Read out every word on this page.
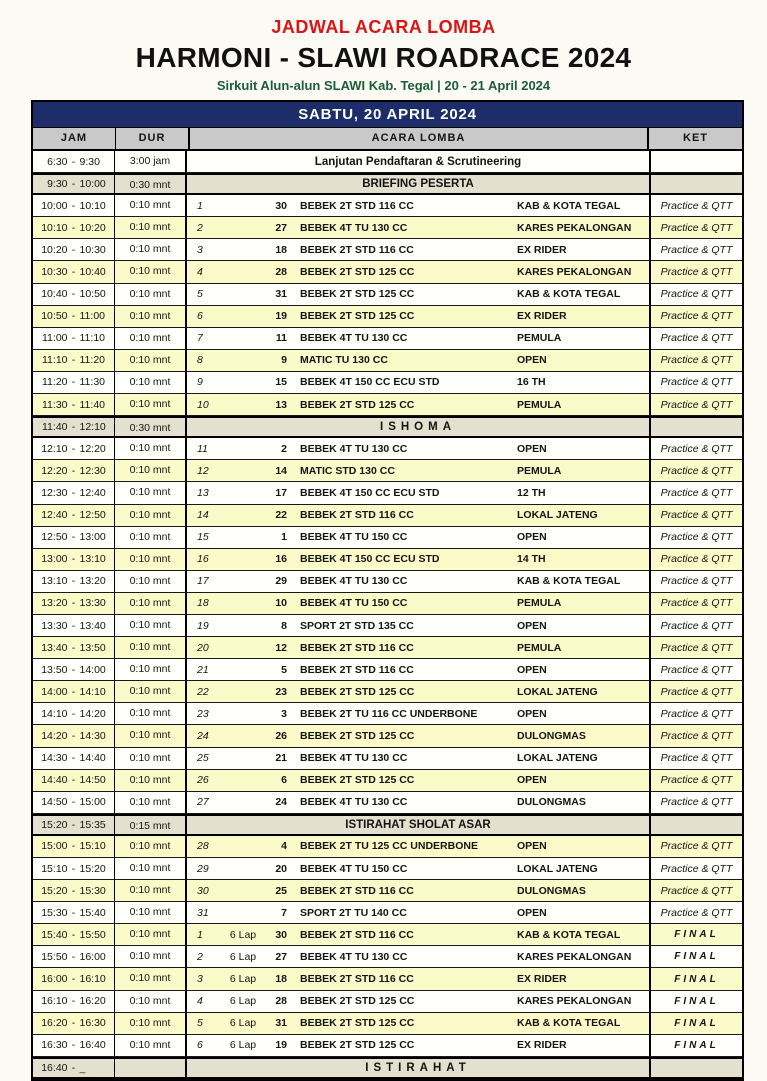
JADWAL ACARA LOMBA
HARMONI - SLAWI ROADRACE 2024
Sirkuit Alun-alun SLAWI Kab. Tegal | 20 - 21 April 2024
SABTU, 20 APRIL 2024
JAM	DUR	ACARA LOMBA	KET
6:30 - 9:30	3:00 jam	Lanjutan Pendaftaran & Scrutineering
9:30 - 10:00	0:30 mnt	BRIEFING PESERTA
10:00 - 10:10	0:10 mnt	1	30 BEBEK 2T STD 116 CC	KAB & KOTA TEGAL	Practice & QTT
10:10 - 10:20	0:10 mnt	2	27 BEBEK 4T TU 130 CC	KARES PEKALONGAN	Practice & QTT
10:20 - 10:30	0:10 mnt	3	18 BEBEK 2T STD 116 CC	EX RIDER	Practice & QTT
10:30 - 10:40	0:10 mnt	4	28 BEBEK 2T STD 125 CC	KARES PEKALONGAN	Practice & QTT
10:40 - 10:50	0:10 mnt	5	31 BEBEK 2T STD 125 CC	KAB & KOTA TEGAL	Practice & QTT
10:50 - 11:00	0:10 mnt	6	19 BEBEK 2T STD 125 CC	EX RIDER	Practice & QTT
11:00 - 11:10	0:10 mnt	7	11 BEBEK 4T TU 130 CC	PEMULA	Practice & QTT
11:10 - 11:20	0:10 mnt	8	9 MATIC TU 130 CC	OPEN	Practice & QTT
11:20 - 11:30	0:10 mnt	9	15 BEBEK 4T 150 CC ECU STD	16 TH	Practice & QTT
11:30 - 11:40	0:10 mnt	10	13 BEBEK 2T STD 125 CC	PEMULA	Practice & QTT
11:40 - 12:10	0:30 mnt	ISHOMA
12:10 - 12:20	0:10 mnt	11	2 BEBEK 4T TU 130 CC	OPEN	Practice & QTT
12:20 - 12:30	0:10 mnt	12	14 MATIC STD 130 CC	PEMULA	Practice & QTT
12:30 - 12:40	0:10 mnt	13	17 BEBEK 4T 150 CC ECU STD	12 TH	Practice & QTT
12:40 - 12:50	0:10 mnt	14	22 BEBEK 2T STD 116 CC	LOKAL JATENG	Practice & QTT
12:50 - 13:00	0:10 mnt	15	1 BEBEK 4T TU 150 CC	OPEN	Practice & QTT
13:00 - 13:10	0:10 mnt	16	16 BEBEK 4T 150 CC ECU STD	14 TH	Practice & QTT
13:10 - 13:20	0:10 mnt	17	29 BEBEK 4T TU 130 CC	KAB & KOTA TEGAL	Practice & QTT
13:20 - 13:30	0:10 mnt	18	10 BEBEK 4T TU 150 CC	PEMULA	Practice & QTT
13:30 - 13:40	0:10 mnt	19	8 SPORT 2T STD 135 CC	OPEN	Practice & QTT
13:40 - 13:50	0:10 mnt	20	12 BEBEK 2T STD 116 CC	PEMULA	Practice & QTT
13:50 - 14:00	0:10 mnt	21	5 BEBEK 2T STD 116 CC	OPEN	Practice & QTT
14:00 - 14:10	0:10 mnt	22	23 BEBEK 2T STD 125 CC	LOKAL JATENG	Practice & QTT
14:10 - 14:20	0:10 mnt	23	3 BEBEK 2T TU 116 CC UNDERBONE	OPEN	Practice & QTT
14:20 - 14:30	0:10 mnt	24	26 BEBEK 2T STD 125 CC	DULONGMAS	Practice & QTT
14:30 - 14:40	0:10 mnt	25	21 BEBEK 4T TU 130 CC	LOKAL JATENG	Practice & QTT
14:40 - 14:50	0:10 mnt	26	6 BEBEK 2T STD 125 CC	OPEN	Practice & QTT
14:50 - 15:00	0:10 mnt	27	24 BEBEK 4T TU 130 CC	DULONGMAS	Practice & QTT
15:20 - 15:35	0:15 mnt	ISTIRAHAT SHOLAT ASAR
15:00 - 15:10	0:10 mnt	28	4 BEBEK 2T TU 125 CC UNDERBONE	OPEN	Practice & QTT
15:10 - 15:20	0:10 mnt	29	20 BEBEK 4T TU 150 CC	LOKAL JATENG	Practice & QTT
15:20 - 15:30	0:10 mnt	30	25 BEBEK 2T STD 116 CC	DULONGMAS	Practice & QTT
15:30 - 15:40	0:10 mnt	31	7 SPORT 2T TU 140 CC	OPEN	Practice & QTT
15:40 - 15:50	0:10 mnt	1	6 Lap	30 BEBEK 2T STD 116 CC	KAB & KOTA TEGAL	FINAL
15:50 - 16:00	0:10 mnt	2	6 Lap	27 BEBEK 4T TU 130 CC	KARES PEKALONGAN	FINAL
16:00 - 16:10	0:10 mnt	3	6 Lap	18 BEBEK 2T STD 116 CC	EX RIDER	FINAL
16:10 - 16:20	0:10 mnt	4	6 Lap	28 BEBEK 2T STD 125 CC	KARES PEKALONGAN	FINAL
16:20 - 16:30	0:10 mnt	5	6 Lap	31 BEBEK 2T STD 125 CC	KAB & KOTA TEGAL	FINAL
16:30 - 16:40	0:10 mnt	6	6 Lap	19 BEBEK 2T STD 125 CC	EX RIDER	FINAL
16:40 - _	ISTIRAHAT
